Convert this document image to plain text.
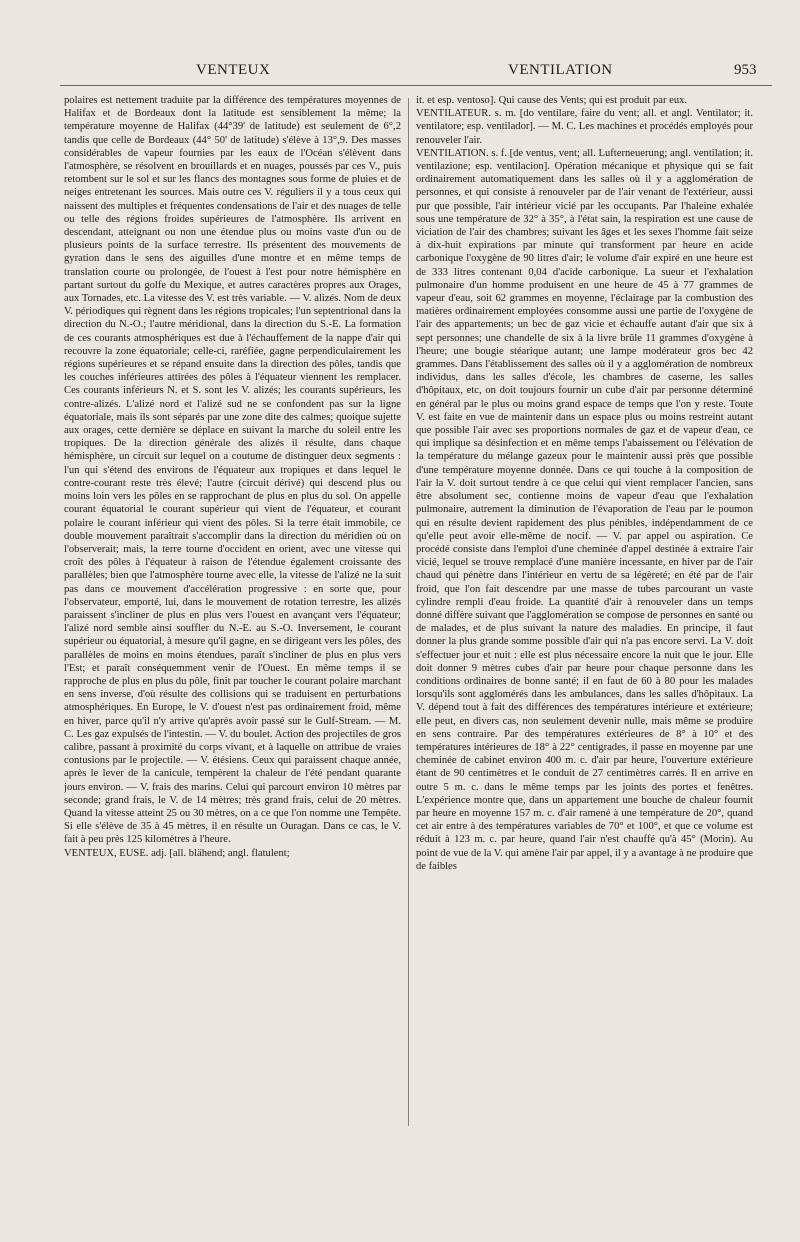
VENTEUX	VENTILATION	953

polaires est nettement traduite par la différence des températures moyennes de Halifax et de Bordeaux dont la latitude est sensiblement la même; la température moyenne de Halifax (44°39' de latitude) est seulement de 6°,2 tandis que celle de Bordeaux (44° 50' de latitude) s'élève à 13°,9. Des masses considérables de vapeur fournies par les eaux de l'Océan s'élèvent dans l'atmosphère, se résolvent en brouillards et en nuages, poussés par ces V., puis retombent sur le sol et sur les flancs des montagnes sous forme de pluies et de neiges entretenant les sources. Mais outre ces V. réguliers il y a tous ceux qui naissent des multiples et fréquentes condensations de l'air et des nuages de telle ou telle des régions froides supérieures de l'atmosphère. Ils arrivent en descendant, atteignant ou non une étendue plus ou moins vaste d'un ou de plusieurs points de la surface terrestre. Ils présentent des mouvements de gyration dans le sens des aiguilles d'une montre et en même temps de translation courte ou prolongée, de l'ouest à l'est pour notre hémisphère en partant surtout du golfe du Mexique, et autres caractères propres aux Orages, aux Tornades, etc. La vitesse des V. est très variable. — V. alizés. Nom de deux V. périodiques qui règnent dans les régions tropicales; l'un septentrional dans la direction du N.-O.; l'autre méridional, dans la direction du S.-E. La formation de ces courants atmosphériques est due à l'échauffement de la nappe d'air qui recouvre la zone équatoriale; celle-ci, raréfiée, gagne perpendiculairement les régions supérieures et se répand ensuite dans la direction des pôles, tandis que les couches inférieures attirées des pôles à l'équateur viennent les remplacer. Ces courants inférieurs N. et S. sont les V. alizés; les courants supérieurs, les contre-alizés. L'alizé nord et l'alizé sud ne se confondent pas sur la ligne équatoriale, mais ils sont séparés par une zone dite des calmes; quoique sujette aux orages, cette dernière se déplace en suivant la marche du soleil entre les tropiques. De la direction générale des alizés il résulte, dans chaque hémisphère, un circuit sur lequel on a coutume de distinguer deux segments : l'un qui s'étend des environs de l'équateur aux tropiques et dans lequel le contre-courant reste très élevé; l'autre (circuit dérivé) qui descend plus ou moins loin vers les pôles en se rapprochant de plus en plus du sol. On appelle courant équatorial le courant supérieur qui vient de l'équateur, et courant polaire le courant inférieur qui vient des pôles. Si la terre était immobile, ce double mouvement paraîtrait s'accomplir dans la direction du méridien où on l'observerait; mais, la terre tourne d'occident en orient, avec une vitesse qui croît des pôles à l'équateur à raison de l'étendue également croissante des parallèles; bien que l'atmosphère tourne avec elle, la vitesse de l'alizé ne la suit pas dans ce mouvement d'accélération progressive : en sorte que, pour l'observateur, emporté, lui, dans le mouvement de rotation terrestre, les alizés paraissent s'incliner de plus en plus vers l'ouest en avançant vers l'équateur; l'alizé nord semble ainsi souffler du N.-E. au S.-O. Inversement, le courant supérieur ou équatorial, à mesure qu'il gagne, en se dirigeant vers les pôles, des parallèles de moins en moins étendues, paraît s'incliner de plus en plus vers l'Est; et paraît conséquemment venir de l'Ouest. En même temps il se rapproche de plus en plus du pôle, finit par toucher le courant polaire marchant en sens inverse, d'où résulte des collisions qui se traduisent en perturbations atmosphériques. En Europe, le V. d'ouest n'est pas ordinairement froid, même en hiver, parce qu'il n'y arrive qu'après avoir passé sur le Gulf-Stream. — M. C. Les gaz expulsés de l'intestin. — V. du boulet. Action des projectiles de gros calibre, passant à proximité du corps vivant, et à laquelle on attribue de vraies contusions par le projectile. — V. étésiens. Ceux qui paraissent chaque année, après le lever de la canicule, tempèrent la chaleur de l'été pendant quarante jours environ. — V. frais des marins. Celui qui parcourt environ 10 mètres par seconde; grand frais, le V. de 14 mètres; très grand frais, celui de 20 mètres. Quand la vitesse atteint 25 ou 30 mètres, on a ce que l'on nomme une Tempête. Si elle s'élève de 35 à 45 mètres, il en résulte un Ouragan. Dans ce cas, le V. fait à peu près 125 kilomètres à l'heure.

VENTEUX, EUSE. adj. [all. blähend; angl. flatulent;

it. et esp. ventoso]. Qui cause des Vents; qui est produit par eux.

VENTILATEUR. s. m. [do ventilare, faire du vent; all. et angl. Ventilator; it. ventilatore; esp. ventilador]. — M. C. Les machines et procédés employés pour renouveler l'air.

VENTILATION. s. f. [de ventus, vent; all. Lufterneuerung; angl. ventilation; it. ventilazione; esp. ventilacion]. Opération mécanique et physique qui se fait ordinairement automatiquement dans les salles où il y a agglomération de personnes, et qui consiste à renouveler par de l'air venant de l'extérieur, aussi pur que possible, l'air intérieur vicié par les occupants. Par l'haleine exhalée sous une température de 32° à 35°, à l'état sain, la respiration est une cause de viciation de l'air des chambres; suivant les âges et les sexes l'homme fait seize à dix-huit expirations par minute qui transforment par heure en acide carbonique l'oxygène de 90 litres d'air; le volume d'air expiré en une heure est de 333 litres contenant 0,04 d'acide carbonique. La sueur et l'exhalation pulmonaire d'un homme produisent en une heure de 45 à 77 grammes de vapeur d'eau, soit 62 grammes en moyenne, l'éclairage par la combustion des matières ordinairement employées consomme aussi une partie de l'oxygène de l'air des appartements; un bec de gaz vicie et échauffe autant d'air que six à sept personnes; une chandelle de six à la livre brûle 11 grammes d'oxygène à l'heure; une bougie stéarique autant; une lampe modérateur gros bec 42 grammes. Dans l'établissement des salles où il y a agglomération de nombreux individus, dans les salles d'école, les chambres de caserne, les salles d'hôpitaux, etc, on doit toujours fournir un cube d'air par personne déterminé en général par le plus ou moins grand espace de temps que l'on y reste. Toute V. est faite en vue de maintenir dans un espace plus ou moins restreint autant que possible l'air avec ses proportions normales de gaz et de vapeur d'eau, ce qui implique sa désinfection et en même temps l'abaissement ou l'élévation de la température du mélange gazeux pour le maintenir aussi près que possible d'une température moyenne donnée. Dans ce qui touche à la composition de l'air la V. doit surtout tendre à ce que celui qui vient remplacer l'ancien, sans être absolument sec, contienne moins de vapeur d'eau que l'exhalation pulmonaire, autrement la diminution de l'évaporation de l'eau par le poumon qui en résulte devient rapidement des plus pénibles, indépendamment de ce qu'elle peut avoir elle-même de nocif. — V. par appel ou aspiration. Ce procédé consiste dans l'emploi d'une cheminée d'appel destinée à extraire l'air vicié, lequel se trouve remplacé d'une manière incessante, en hiver par de l'air chaud qui pénètre dans l'intérieur en vertu de sa légèreté; en été par de l'air froid, que l'on fait descendre par une masse de tubes parcourant un vaste cylindre rempli d'eau froide. La quantité d'air à renouveler dans un temps donné diffère suivant que l'agglomération se compose de personnes en santé ou de malades, et de plus suivant la nature des maladies. En principe, il faut donner la plus grande somme possible d'air qui n'a pas encore servi. La V. doit s'effectuer jour et nuit : elle est plus nécessaire encore la nuit que le jour. Elle doit donner 9 mètres cubes d'air par heure pour chaque personne dans les conditions ordinaires de bonne santé; il en faut de 60 à 80 pour les malades lorsqu'ils sont agglomérés dans les ambulances, dans les salles d'hôpitaux. La V. dépend tout à fait des différences des températures intérieure et extérieure; elle peut, en divers cas, non seulement devenir nulle, mais même se produire en sens contraire. Par des températures extérieures de 8° à 10° et des températures intérieures de 18° à 22° centigrades, il passe en moyenne par une cheminée de cabinet environ 400 m. c. d'air par heure, l'ouverture extérieure étant de 90 centimètres et le conduit de 27 centimètres carrés. Il en arrive en outre 5 m. c. dans le même temps par les joints des portes et fenêtres. L'expérience montre que, dans un appartement une bouche de chaleur fournit par heure en moyenne 157 m. c. d'air ramené à une température de 20°, quand cet air entre à des températures variables de 70° et 100°, et que ce volume est réduit à 123 m. c. par heure, quand l'air n'est chauffé qu'à 45° (Morin). Au point de vue de la V. qui amène l'air par appel, il y a avantage à ne produire que de faibles
